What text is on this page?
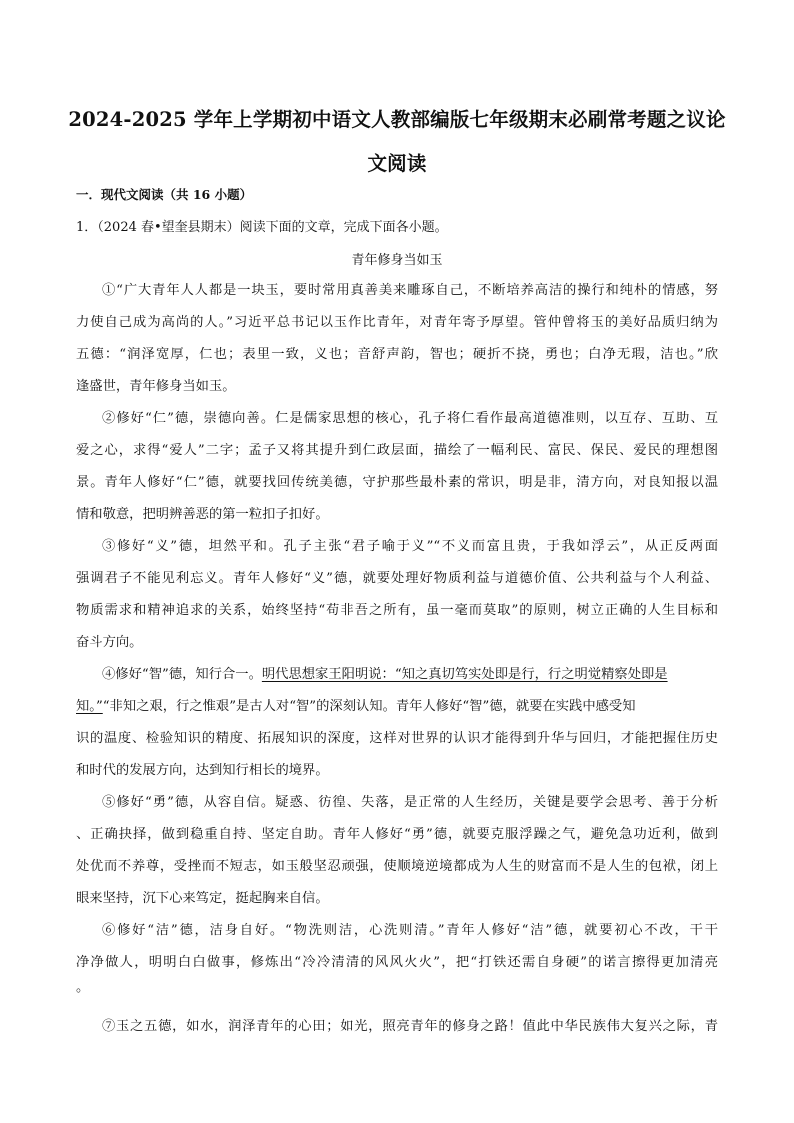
2024-2025 学年上学期初中语文人教部编版七年级期末必刷常考题之议论
文阅读
一．现代文阅读（共 16 小题）
1．（2024 春•望奎县期末）阅读下面的文章，完成下面各小题。
青年修身当如玉
①“广大青年人人都是一块玉，要时常用真善美来雕琢自己，不断培养高洁的操行和纯朴的情感，努
力使自己成为高尚的人。”习近平总书记以玉作比青年，对青年寄予厚望。管仲曾将玉的美好品质归纳为
五德：“润泽宽厚，仁也；表里一致，义也；音舒声韵，智也；硬折不挠，勇也；白净无瑕，洁也。”欣
逢盛世，青年修身当如玉。
②修好“仁”德，崇德向善。仁是儒家思想的核心，孔子将仁看作最高道德准则，以互存、互助、互
爱之心，求得“爱人”二字；孟子又将其提升到仁政层面，描绘了一幅利民、富民、保民、爱民的理想图
景。青年人修好“仁”德，就要找回传统美德，守护那些最朴素的常识，明是非，清方向，对良知报以温
情和敬意，把明辨善恶的第一粒扣子扣好。
③修好“义”德，坦然平和。孔子主张“君子喻于义”“不义而富且贵，于我如浮云”，从正反两面
强调君子不能见利忘义。青年人修好“义”德，就要处理好物质利益与道德价值、公共利益与个人利益、
物质需求和精神追求的关系，始终坚持“苟非吾之所有，虽一毫而莫取”的原则，树立正确的人生目标和
奋斗方向。
④修好“智”德，知行合一。明代思想家王阳明说：“知之真切笃实处即是行，行之明觉精察处即是
知。”“非知之艰，行之惟艰”是古人对“智”的深刻认知。青年人修好“智”德，就要在实践中感受知
识的温度、检验知识的精度、拓展知识的深度，这样对世界的认识才能得到升华与回归，才能把握住历史
和时代的发展方向，达到知行相长的境界。
⑤修好“勇”德，从容自信。疑惑、彷徨、失落，是正常的人生经历，关键是要学会思考、善于分析
、正确抉择，做到稳重自持、坚定自助。青年人修好“勇”德，就要克服浮躁之气，避免急功近利，做到
处优而不养尊，受挫而不短志，如玉般坚忍顽强，使顺境逆境都成为人生的财富而不是人生的包袱，闭上
眼来坚持，沉下心来笃定，挺起胸来自信。
⑥修好“洁”德，洁身自好。“物洗则洁，心洗则清。”青年人修好“洁”德，就要初心不改，干干
净净做人，明明白白做事，修炼出“冷冷清清的风风火火”，把“打铁还需自身硬”的诺言擦得更加清亮
。
⑦玉之五德，如水，润泽青年的心田；如光，照亮青年的修身之路！值此中华民族伟大复兴之际，青
